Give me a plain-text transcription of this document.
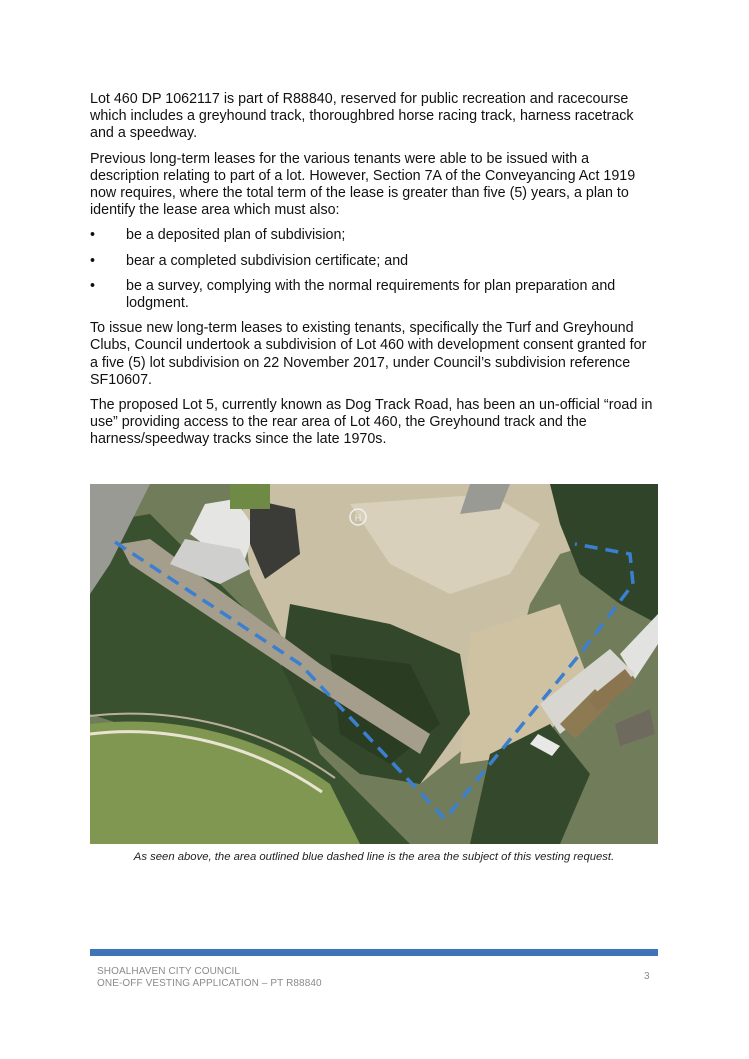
Lot 460 DP 1062117 is part of R88840, reserved for public recreation and racecourse which includes a greyhound track, thoroughbred horse racing track, harness racetrack and a speedway.

Previous long-term leases for the various tenants were able to be issued with a description relating to part of a lot. However, Section 7A of the Conveyancing Act 1919 now requires, where the total term of the lease is greater than five (5) years, a plan to identify the lease area which must also:

•	be a deposited plan of subdivision;
•	bear a completed subdivision certificate; and
•	be a survey, complying with the normal requirements for plan preparation and lodgment.

To issue new long-term leases to existing tenants, specifically the Turf and Greyhound Clubs, Council undertook a subdivision of Lot 460 with development consent granted for a five (5) lot subdivision on 22 November 2017, under Council’s subdivision reference SF10607.

The proposed Lot 5, currently known as Dog Track Road, has been an un-official “road in use” providing access to the rear area of Lot 460, the Greyhound track and the harness/speedway tracks since the late 1970s.

H
As seen above, the area outlined blue dashed line is the area the subject of this vesting request.
SHOALHAVEN CITY COUNCIL
ONE-OFF VESTING APPLICATION – PT R88840
3
